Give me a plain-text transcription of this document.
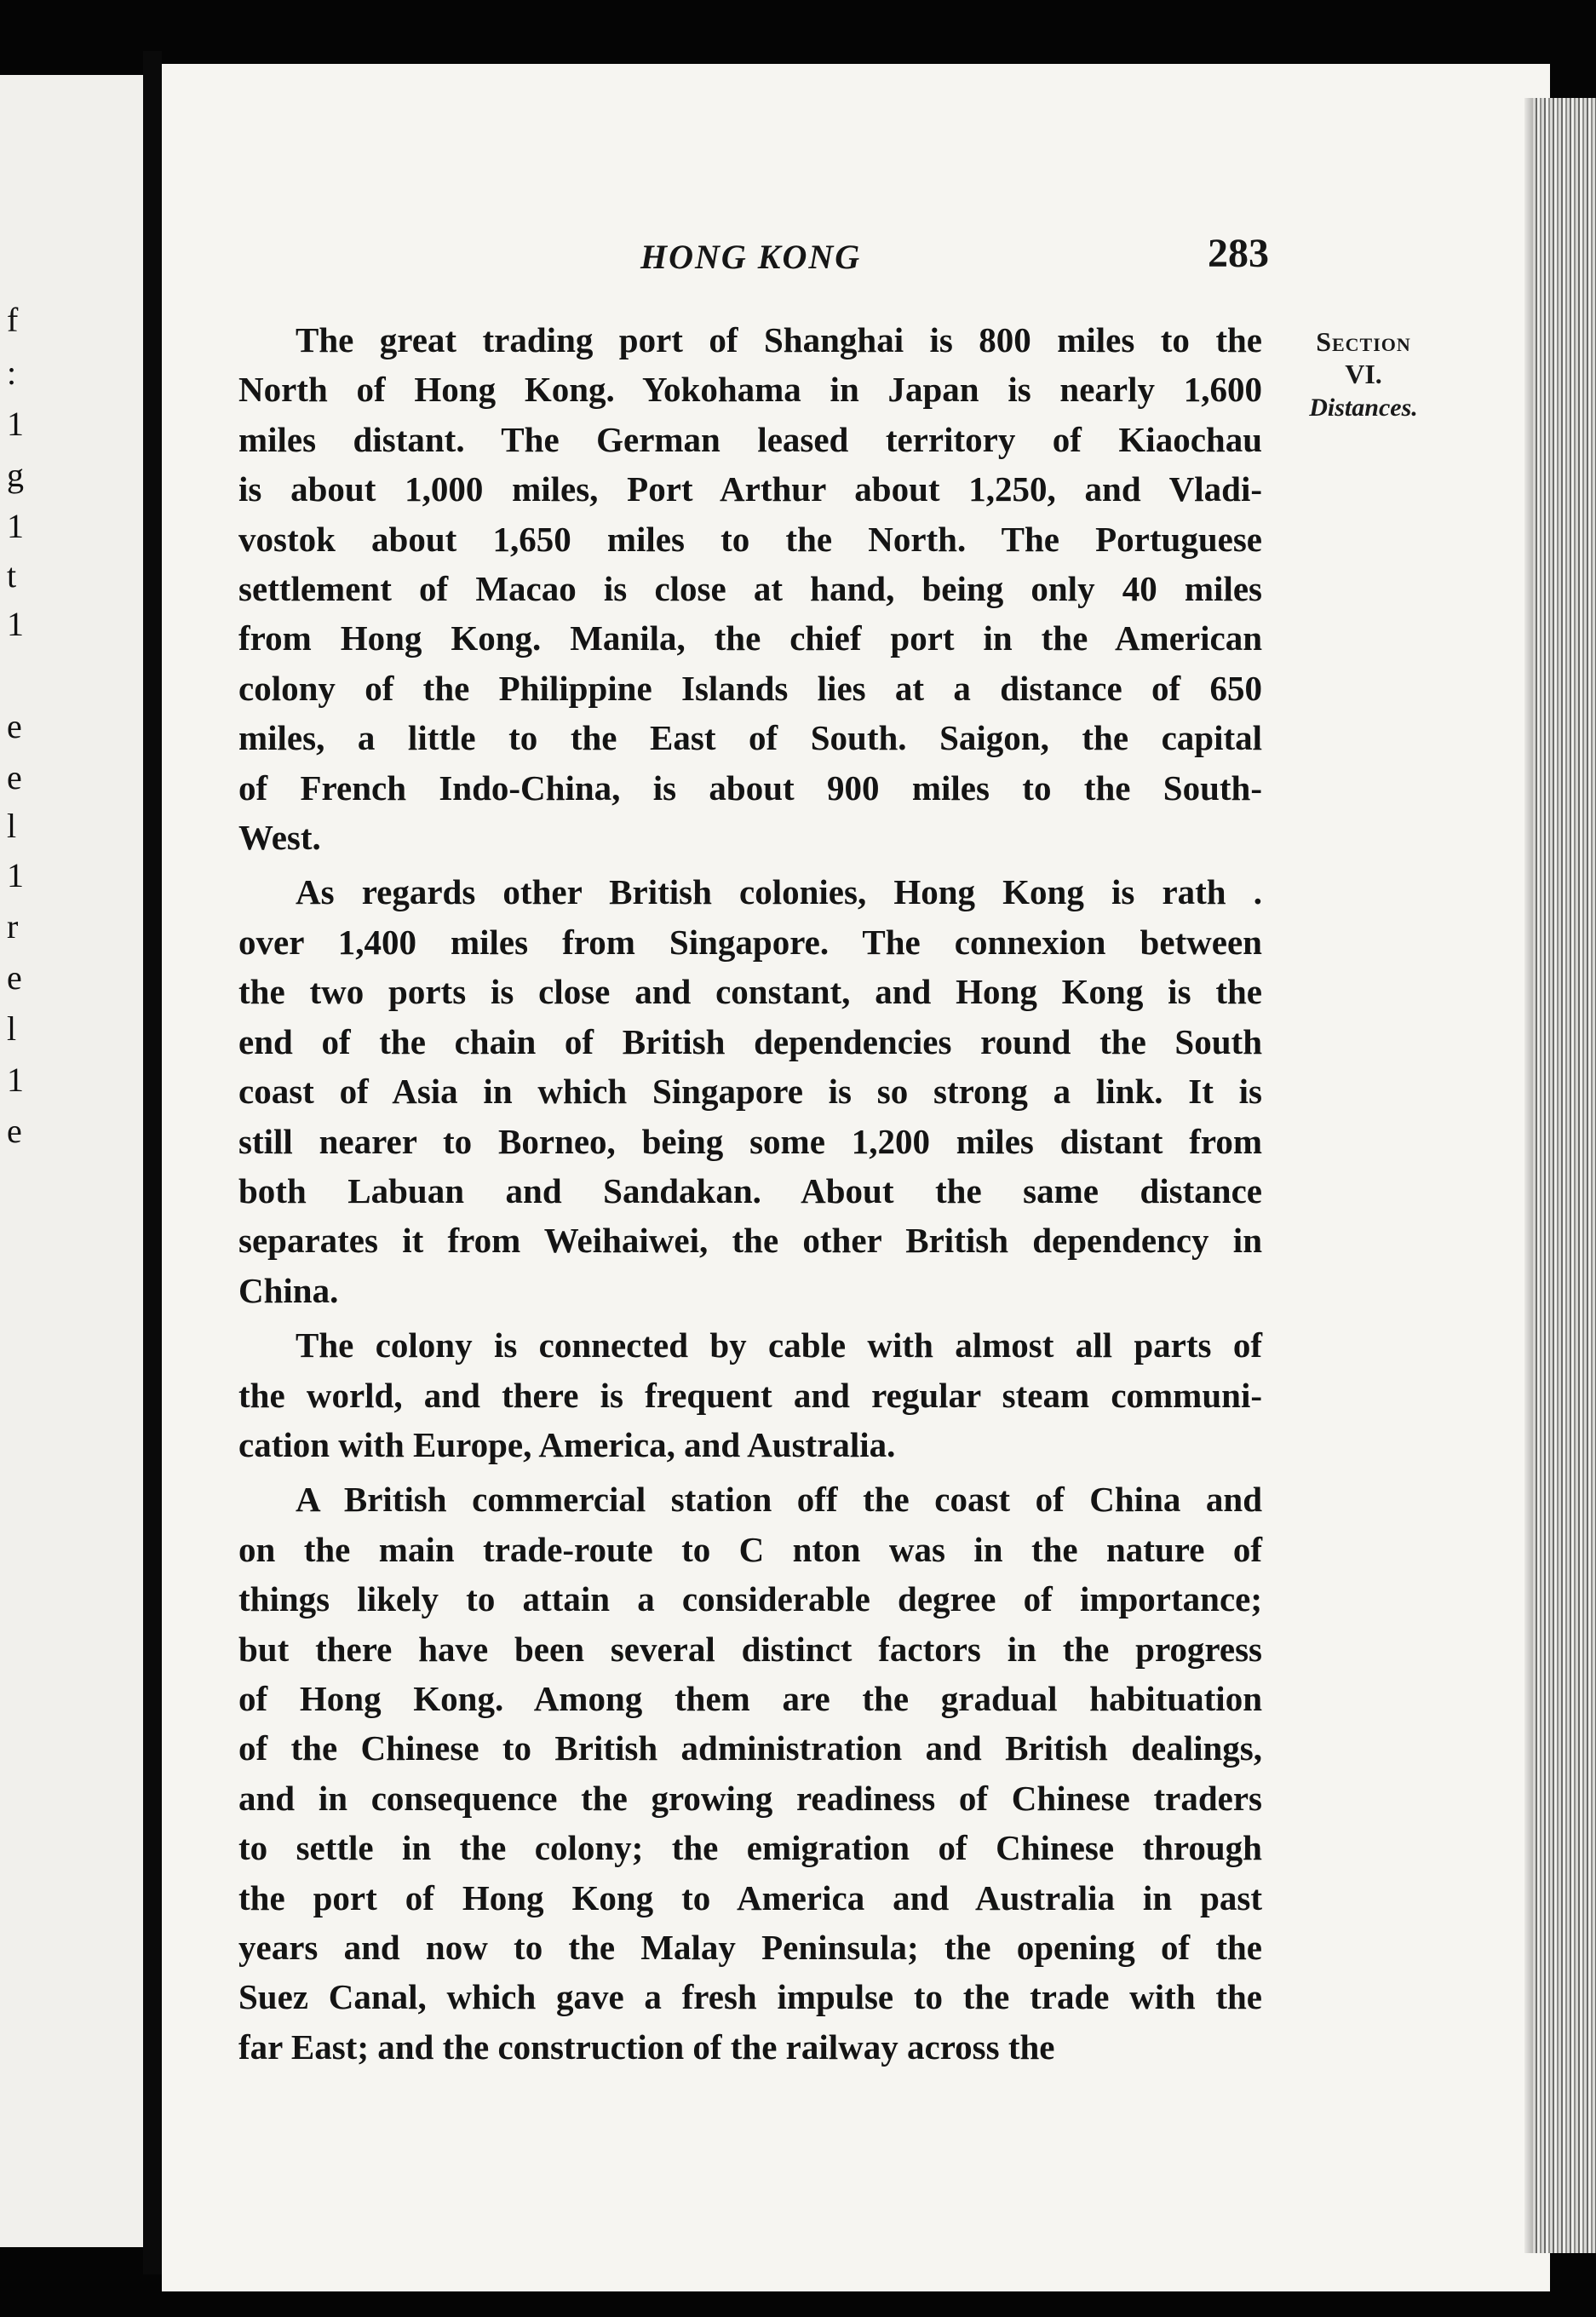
f
:
1
g
1
t
1
e
e
l
1
r
e
l
1
e
HONG KONG	283
Section
VI.
Distances.
The great trading port of Shanghai is 800 miles to the
North of Hong Kong. Yokohama in Japan is nearly 1,600
miles distant. The German leased territory of Kiaochau
is about 1,000 miles, Port Arthur about 1,250, and Vladi-
vostok about 1,650 miles to the North. The Portuguese
settlement of Macao is close at hand, being only 40 miles
from Hong Kong. Manila, the chief port in the American
colony of the Philippine Islands lies at a distance of 650
miles, a little to the East of South. Saigon, the capital
of French Indo-China, is about 900 miles to the South-
West.
As regards other British colonies, Hong Kong is rath .
over 1,400 miles from Singapore. The connexion between
the two ports is close and constant, and Hong Kong is the
end of the chain of British dependencies round the South
coast of Asia in which Singapore is so strong a link. It is
still nearer to Borneo, being some 1,200 miles distant from
both Labuan and Sandakan. About the same distance
separates it from Weihaiwei, the other British dependency in
China.
The colony is connected by cable with almost all parts of
the world, and there is frequent and regular steam communi-
cation with Europe, America, and Australia.
A British commercial station off the coast of China and
on the main trade-route to C nton was in the nature of
things likely to attain a considerable degree of importance;
but there have been several distinct factors in the progress
of Hong Kong. Among them are the gradual habituation
of the Chinese to British administration and British dealings,
and in consequence the growing readiness of Chinese traders
to settle in the colony; the emigration of Chinese through
the port of Hong Kong to America and Australia in past
years and now to the Malay Peninsula; the opening of the
Suez Canal, which gave a fresh impulse to the trade with the
far East; and the construction of the railway across the
